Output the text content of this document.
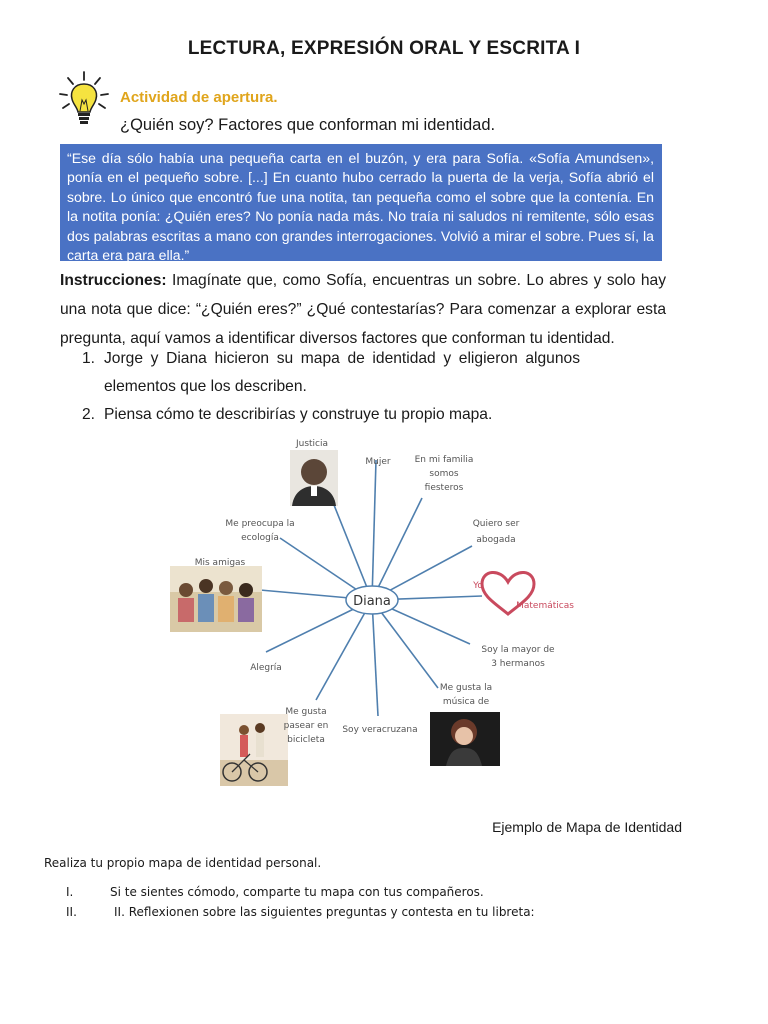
LECTURA, EXPRESIÓN ORAL Y ESCRITA I
Actividad de apertura.
¿Quién soy? Factores que conforman mi identidad.
“Ese día sólo había una pequeña carta en el buzón, y era para Sofía. «Sofía Amundsen», ponía en el pequeño sobre. [...] En cuanto hubo cerrado la puerta de la verja, Sofía abrió el sobre. Lo único que encontró fue una notita, tan pequeña como el sobre que la contenía. En la notita ponía: ¿Quién eres? No ponía nada más. No traía ni saludos ni remitente, sólo esas dos palabras escritas a mano con grandes interrogaciones. Volvió a mirar el sobre. Pues sí, la carta era para ella.”
Instrucciones: Imagínate que, como Sofía, encuentras un sobre. Lo abres y solo hay una nota que dice: “¿Quién eres?” ¿Qué contestarías? Para comenzar a explorar esta pregunta, aquí vamos a identificar diversos factores que conforman tu identidad.
1. Jorge y Diana hicieron su mapa de identidad y eligieron algunos elementos que los describen.
2. Piensa cómo te describirías y construye tu propio mapa.
Diana
Justicia
Mujer	En mi familia
somos
fiesteros
Quiero ser
abogada
Me preocupa la
ecología
Mis amigas
Yo
Matemáticas
Soy la mayor de
3 hermanos
Alegría
Me gusta la
música de
Me gusta
pasear en
bicicleta
Soy veracruzana
Ejemplo de Mapa de Identidad
Realiza tu propio mapa de identidad personal.
I.	Si te sientes cómodo, comparte tu mapa con tus compañeros.
II.	II. Reflexionen sobre las siguientes preguntas y contesta en tu libreta:
